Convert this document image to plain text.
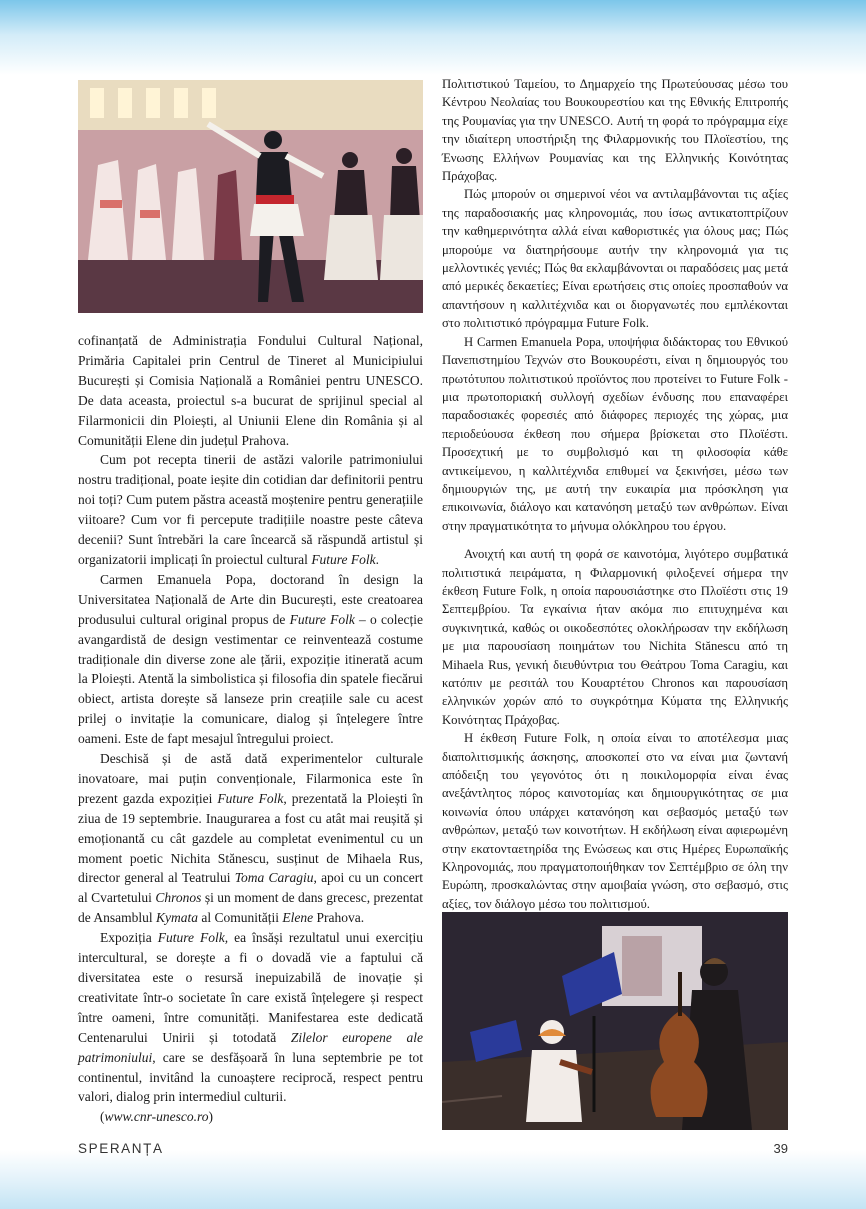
cofinanțată de Administrația Fondului Cultural Național, Primăria Capitalei prin Centrul de Tineret al Municipiului București și Comisia Națională a României pentru UNESCO. De data aceasta, proiectul s-a bucurat de sprijinul special al Filarmonicii din Ploiești, al Uniunii Elene din România și al Comunității Elene din județul Prahova.

Cum pot recepta tinerii de astăzi valorile patrimoniului nostru tradițional, poate ieșite din cotidian dar definitorii pentru noi toți? Cum putem păstra această moștenire pentru generațiile viitoare? Cum vor fi percepute tradițiile noastre peste câteva decenii? Sunt întrebări la care încearcă să răspundă artistul și organizatorii implicați în proiectul cultural Future Folk.

Carmen Emanuela Popa, doctorand în design la Universitatea Națională de Arte din București, este creatoarea produsului cultural original propus de Future Folk – o colecție avangardistă de design vestimentar ce reinventează costume tradiționale din diverse zone ale țării, expoziție itinerată acum la Ploiești. Atentă la simbolistica și filosofia din spatele fiecărui obiect, artista dorește să lanseze prin creațiile sale cu acest prilej o invitație la comunicare, dialog și înțelegere între oameni. Este de fapt mesajul întregului proiect.

Deschisă și de astă dată experimentelor culturale inovatoare, mai puțin convenționale, Filarmonica este în prezent gazda expoziției Future Folk, prezentată la Ploiești în ziua de 19 septembrie. Inaugurarea a fost cu atât mai reușită și emoționantă cu cât gazdele au completat evenimentul cu un moment poetic Nichita Stănescu, susținut de Mihaela Rus, director general al Teatrului Toma Caragiu, apoi cu un concert al Cvartetului Chronos și un moment de dans grecesc, prezentat de Ansamblul Kymata al Comunității Elene Prahova.

Expoziția Future Folk, ea însăși rezultatul unui exercițiu intercultural, se dorește a fi o dovadă vie a faptului că diversitatea este o resursă inepuizabilă de inovație și creativitate într-o societate în care există înțelegere și respect între oameni, între comunități. Manifestarea este dedicată Centenarului Unirii și totodată Zilelor europene ale patrimoniului, care se desfășoară în luna septembrie pe tot continentul, invitând la cunoaștere reciprocă, respect pentru valori, dialog prin intermediul culturii.

(www.cnr-unesco.ro)

Πολιτιστικού Ταμείου, το Δημαρχείο της Πρωτεύουσας μέσω του Κέντρου Νεολαίας του Βουκουρεστίου και της Εθνικής Επιτροπής της Ρουμανίας για την UNESCO. Αυτή τη φορά το πρόγραμμα είχε την ιδιαίτερη υποστήριξη της Φιλαρμονικής του Πλοϊεστίου, της Ένωσης Ελλήνων Ρουμανίας και της Ελληνικής Κοινότητας Πράχοβας.

Πώς μπορούν οι σημερινοί νέοι να αντιλαμβάνονται τις αξίες της παραδοσιακής μας κληρονομιάς, που ίσως αντικατοπτρίζουν την καθημερινότητα αλλά είναι καθοριστικές για όλους μας; Πώς μπορούμε να διατηρήσουμε αυτήν την κληρονομιά για τις μελλοντικές γενιές; Πώς θα εκλαμβάνονται οι παραδόσεις μας μετά από μερικές δεκαετίες; Είναι ερωτήσεις στις οποίες προσπαθούν να απαντήσουν η καλλιτέχνιδα και οι διοργανωτές που εμπλέκονται στο πολιτιστικό πρόγραμμα Future Folk.

Η Carmen Emanuela Popa, υποψήφια διδάκτορας του Εθνικού Πανεπιστημίου Τεχνών στο Βουκουρέστι, είναι η δημιουργός του πρωτότυπου πολιτιστικού προϊόντος που προτείνει το Future Folk - μια πρωτοποριακή συλλογή σχεδίων ένδυσης που επαναφέρει παραδοσιακές φορεσιές από διάφορες περιοχές της χώρας, μια περιοδεύουσα έκθεση που σήμερα βρίσκεται στο Πλοϊέστι. Προσεχτική με το συμβολισμό και τη φιλοσοφία κάθε αντικείμενου, η καλλιτέχνιδα επιθυμεί να ξεκινήσει, μέσω των δημιουργιών της, με αυτή την ευκαιρία μια πρόσκληση για επικοινωνία, διάλογο και κατανόηση μεταξύ των ανθρώπων. Είναι στην πραγματικότητα το μήνυμα ολόκληρου του έργου.

Ανοιχτή και αυτή τη φορά σε καινοτόμα, λιγότερο συμβατικά πολιτιστικά πειράματα, η Φιλαρμονική φιλοξενεί σήμερα την έκθεση Future Folk, η οποία παρουσιάστηκε στο Πλοϊέστι στις 19 Σεπτεμβρίου. Τα εγκαίνια ήταν ακόμα πιο επιτυχημένα και συγκινητικά, καθώς οι οικοδεσπότες ολοκλήρωσαν την εκδήλωση με μια παρουσίαση ποιημάτων του Nichita Stănescu από τη Mihaela Rus, γενική διευθύντρια του Θεάτρου Toma Caragiu, και κατόπιν με ρεσιτάλ του Κουαρτέτου Chronos και παρουσίαση ελληνικών χορών από το συγκρότημα Κύματα της Ελληνικής Κοινότητας Πράχοβας.

Η έκθεση Future Folk, η οποία είναι το αποτέλεσμα μιας διαπολιτισμικής άσκησης, αποσκοπεί στο να είναι μια ζωντανή απόδειξη του γεγονότος ότι η ποικιλομορφία είναι ένας ανεξάντλητος πόρος καινοτομίας και δημιουργικότητας σε μια κοινωνία όπου υπάρχει κατανόηση και σεβασμός μεταξύ των ανθρώπων, μεταξύ των κοινοτήτων. Η εκδήλωση είναι αφιερωμένη στην εκατονταετηρίδα της Ενώσεως και στις Ημέρες Ευρωπαϊκής Κληρονομιάς, που πραγματοποιήθηκαν τον Σεπτέμβριο σε όλη την Ευρώπη, προσκαλώντας στην αμοιβαία γνώση, στο σεβασμό, στις αξίες, τον διάλογο μέσω του πολιτισμού.

SPERANȚA	39
